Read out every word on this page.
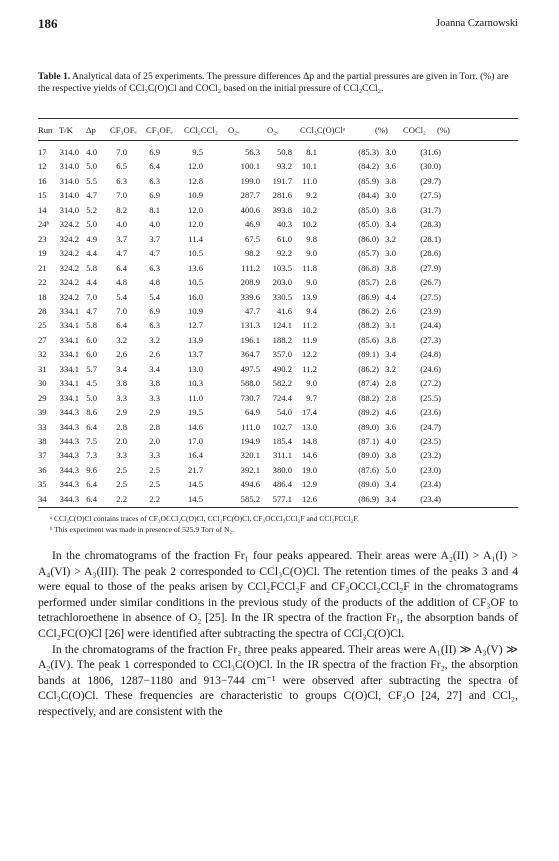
186	Joanna Czarnowski
Table 1. Analytical data of 25 experiments. The pressure differences Δp and the partial pressures are given in Torr. (%) are the respective yields of CCl₃C(O)Cl and COCl₂ based on the initial pressure of CCl₂CCl₂.
Run T/K Δp CF₃OFₑ CF₃OFₑ CCl₂CCl₂ O₂ₑ	O₂ₑ	CCl₃C(O)Clᵃ	(%) COCl₂ (%)
17	314.0 4.0	7.0	6.9	9.5	56.3	50.8	8.1	(85.3) 3.0	(31.6)
12	314.0 5.0	6.5	6.4	12.0	100.1	93.2	10.1	(84.2) 3.6	(30.0)
16	314.0 5.5	6.3	6.3	12.8	199.0	191.7	11.0	(85.9) 3.8	(29.7)
15	314.0 4.7	7.0	6.9	10.9	287.7	281.6	9.2	(84.4) 3.0	(27.5)
14	314.0 5.2	8.2	8.1	12.0	400.6	393.8	10.2	(85.0) 3.8	(31.7)
24ᵇ	324.2 5.0	4.0	4.0	12.0	46.9	40.3	10.2	(85.0) 3.4	(28.3)
23	324.2 4.9	3.7	3.7	11.4	67.5	61.0	9.8	(86.0) 3.2	(28.1)
19	324.2 4.4	4.7	4.7	10.5	98.2	92.2	9.0	(85.7) 3.0	(28.6)
21	324.2 5.8	6.4	6.3	13.6	111.2	103.5	11.8	(86.8) 3.8	(27.9)
22	324.2 4.4	4.8	4.8	10.5	208.9	203.0	9.0	(85.7) 2.8	(26.7)
18	324.2 7.0	5.4	5.4	16.0	339.6	330.5	13.9	(86.9) 4.4	(27.5)
28	334.1 4.7	7.0	6.9	10.9	47.7	41.6	9.4	(86.2) 2.6	(23.9)
25	334.1 5.8	6.4	6.3	12.7	131.3	124.1	11.2	(88.2) 3.1	(24.4)
27	334.1 6.0	3.2	3.2	13.9	196.1	188.2	11.9	(85.6) 3.8	(27.3)
32	334.1 6.0	2.6	2.6	13.7	364.7	357.0	12.2	(89.1) 3.4	(24.8)
31	334.1 5.7	3.4	3.4	13.0	497.5	490.2	11.2	(86.2) 3.2	(24.6)
30	334.1 4.5	3.8	3.8	10.3	588.0	582.2	9.0	(87.4) 2.8	(27.2)
29	334.1 5.0	3.3	3.3	11.0	730.7	724.4	9.7	(88.2) 2.8	(25.5)
39	344.3 8.6	2.9	2.9	19.5	64.9	54.0	17.4	(89.2) 4.6	(23.6)
33	344.3 6.4	2.8	2.8	14.6	111.0	102.7	13.0	(89.0) 3.6	(24.7)
38	344.3 7.5	2.0	2.0	17.0	194.9	185.4	14.8	(87.1) 4.0	(23.5)
37	344.3 7.3	3.3	3.3	16.4	320.1	311.1	14.6	(89.0) 3.8	(23.2)
36	344.3 9.6	2.5	2.5	21.7	392.1	380.0	19.0	(87.6) 5.0	(23.0)
35	344.3 6.4	2.5	2.5	14.5	494.6	486.4	12.9	(89.0) 3.4	(23.4)
34	344.3 6.4	2.2	2.2	14.5	585.2	577.1	12.6	(86.9) 3.4	(23.4)
ᵃ CCl₃C(O)Cl contains traces of CF₃OCCl₂C(O)Cl, CCl₂FC(O)Cl, CF₃OCCl₂CCl₂F and CCl₂FCCl₂F.
ᵇ This experiment was made in presence of 525.9 Torr of N₂.

In the chromatograms of the fraction Fr₁ four peaks appeared. Their areas were A₂(II) > A₁(I) > A₄(VI) > A₃(III). The peak 2 corresponded to CCl₃C(O)Cl. The retention times of the peaks 3 and 4 were equal to those of the peaks arisen by CCl₂FCCl₂F and CF₃OCCl₂CCl₂F in the chromatograms performed under similar conditions in the previous study of the products of the addition of CF₃OF to tetrachloroethene in absence of O₂ [25]. In the IR spectra of the fraction Fr₁, the absorption bands of CCl₂FC(O)Cl [26] were identified after subtracting the spectra of CCl₃C(O)Cl.

In the chromatograms of the fraction Fr₂ three peaks appeared. Their areas were A₁(II) ≫ A₃(V) ≫ A₂(IV). The peak 1 corresponded to CCl₃C(O)Cl. In the IR spectra of the fraction Fr₂, the absorption bands at 1806, 1287−1180 and 913−744 cm⁻¹ were observed after subtracting the spectra of CCl₃C(O)Cl. These frequencies are characteristic to groups C(O)Cl, CF₃O [24, 27] and CCl₂, respectively, and are consistent with the
